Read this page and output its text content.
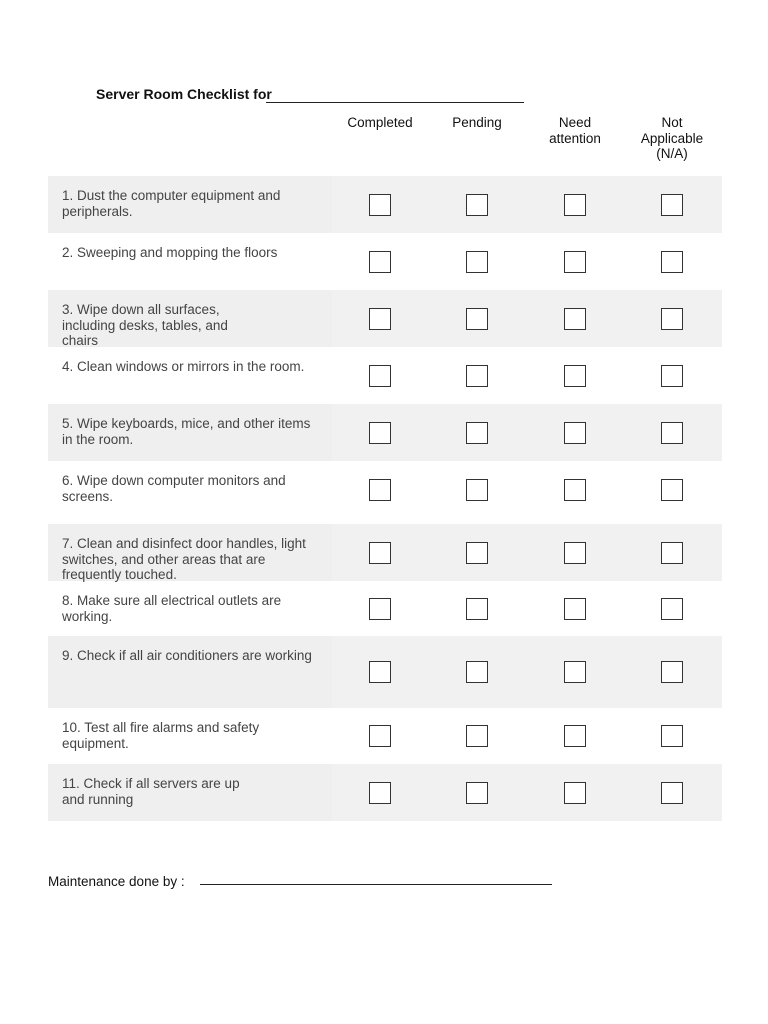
Server Room Checklist for
Completed	Pending	Need
attention
Not
Applicable
(N/A)
1. Dust the computer equipment and peripherals.
2. Sweeping and mopping the floors
3. Wipe down all surfaces,
including desks, tables, and
chairs
4. Clean windows or mirrors in the room.
5. Wipe keyboards, mice, and other items in the room.
6. Wipe down computer monitors and screens.
7. Clean and disinfect door handles, light switches, and other areas that are frequently touched.
8. Make sure all electrical outlets are working.
9. Check if all air conditioners are working
10. Test all fire alarms and safety equipment.
11. Check if all servers are up
and running
Maintenance done by :
